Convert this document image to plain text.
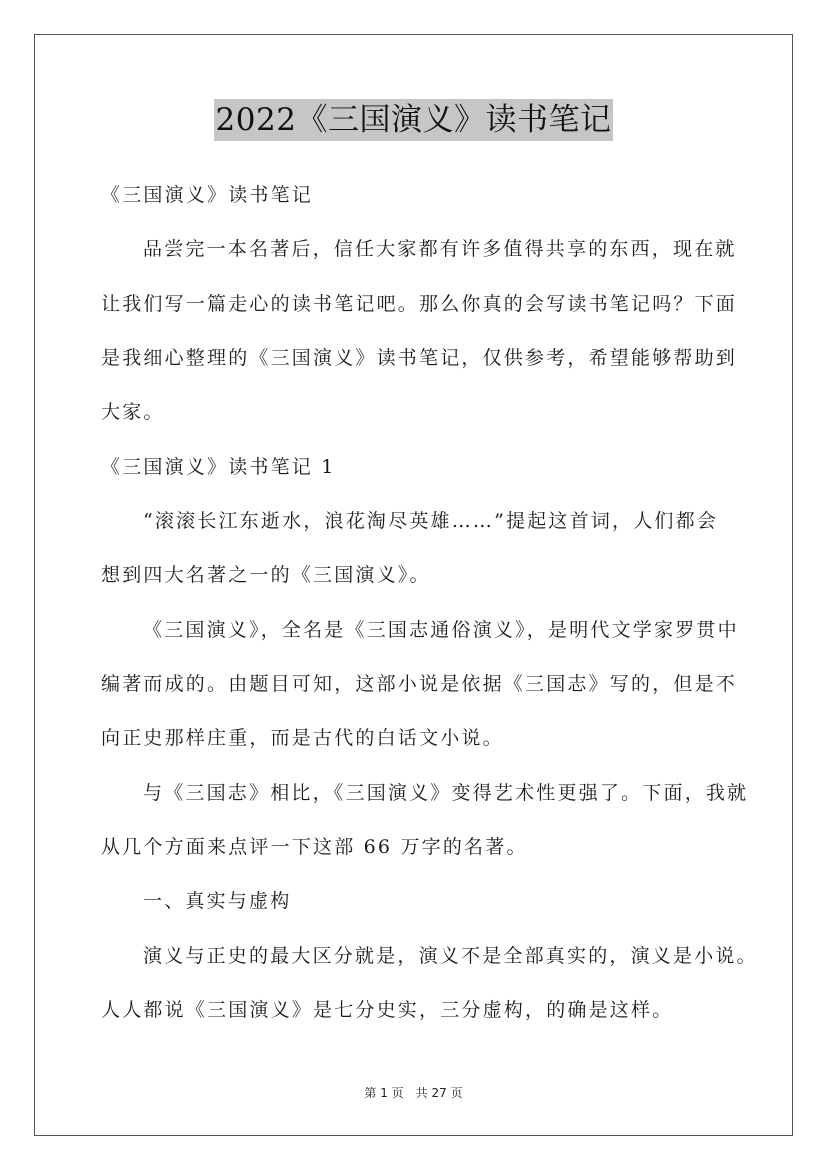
2022《三国演义》读书笔记
《三国演义》读书笔记
品尝完一本名著后，信任大家都有许多值得共享的东西，现在就
让我们写一篇走心的读书笔记吧。那么你真的会写读书笔记吗？下面
是我细心整理的《三国演义》读书笔记，仅供参考，希望能够帮助到
大家。
《三国演义》读书笔记 1
“滚滚长江东逝水，浪花淘尽英雄……”提起这首词，人们都会
想到四大名著之一的《三国演义》。
《三国演义》，全名是《三国志通俗演义》，是明代文学家罗贯中
编著而成的。由题目可知，这部小说是依据《三国志》写的，但是不
向正史那样庄重，而是古代的白话文小说。
与《三国志》相比，《三国演义》变得艺术性更强了。下面，我就
从几个方面来点评一下这部 66 万字的名著。
一、真实与虚构
演义与正史的最大区分就是，演义不是全部真实的，演义是小说。
人人都说《三国演义》是七分史实，三分虚构，的确是这样。
第 1 页　共 27 页
